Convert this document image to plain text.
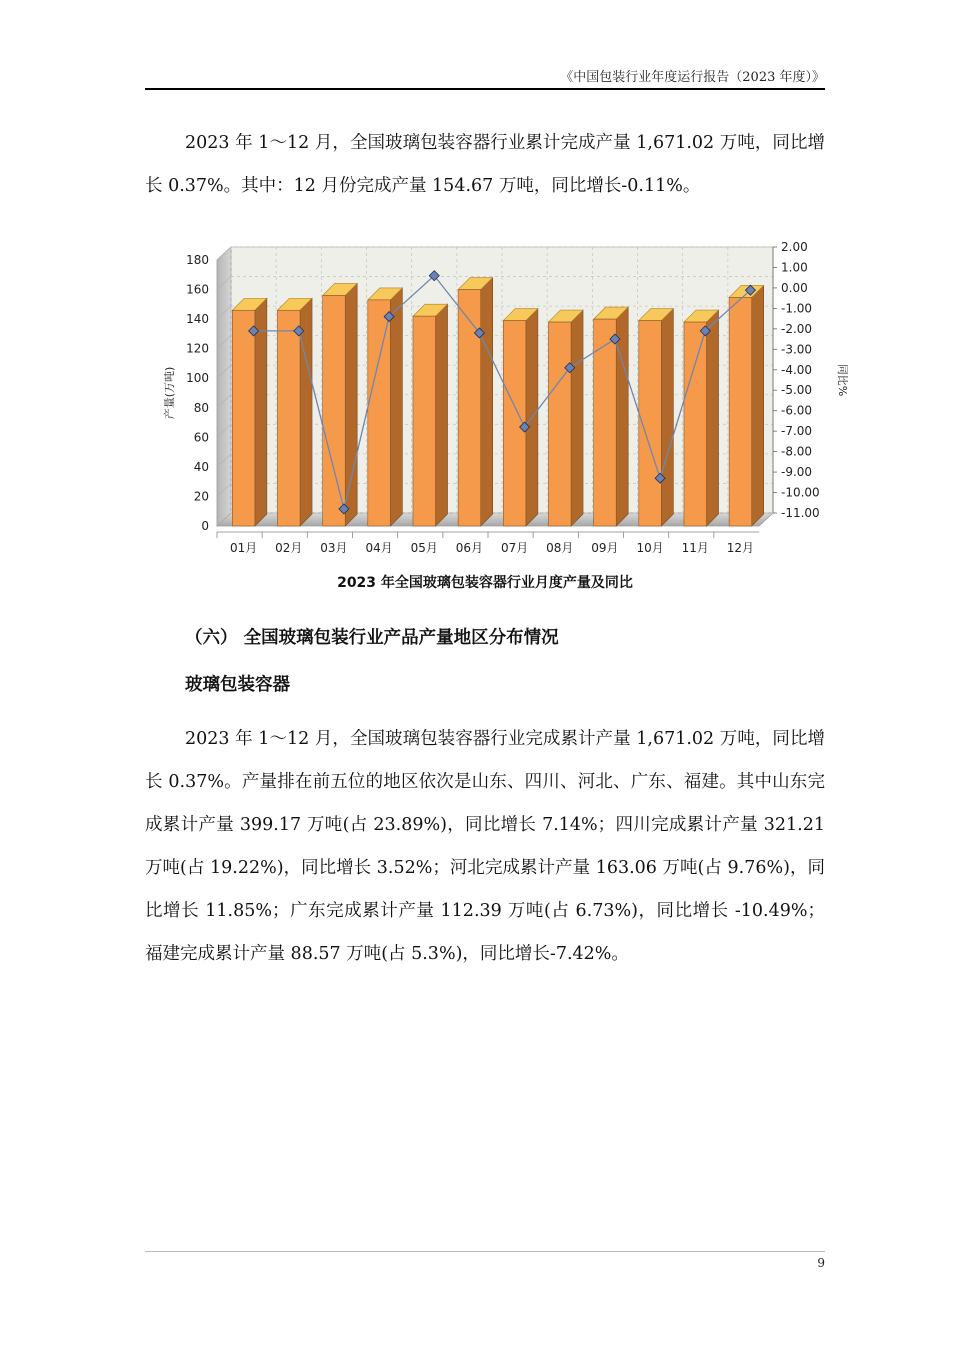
《中国包装行业年度运行报告（2023 年度）》

2023 年 1～12 月，全国玻璃包装容器行业累计完成产量 1,671.02 万吨，同比增长 0.37%。其中：12 月份完成产量 154.67 万吨，同比增长-0.11%。

0
20
40
60
80
100
120
140
160
180
2.00
1.00
0.00
-1.00
-2.00
-3.00
-4.00
-5.00
-6.00
-7.00
-8.00
-9.00
-10.00
-11.00
01月 02月 03月 04月 05月 06月 07月 08月 09月 10月 11月 12月
产量(万吨)	同比%
2023 年全国玻璃包装容器行业月度产量及同比
（六） 全国玻璃包装行业产品产量地区分布情况
玻璃包装容器

2023 年 1～12 月，全国玻璃包装容器行业完成累计产量 1,671.02 万吨，同比增长 0.37%。产量排在前五位的地区依次是山东、四川、河北、广东、福建。其中山东完成累计产量 399.17 万吨(占 23.89%)，同比增长 7.14%；四川完成累计产量 321.21 万吨(占 19.22%)，同比增长 3.52%；河北完成累计产量 163.06 万吨(占 9.76%)，同比增长 11.85%；广东完成累计产量 112.39 万吨(占 6.73%)，同比增长 -10.49%；福建完成累计产量 88.57 万吨(占 5.3%)，同比增长-7.42%。

9
